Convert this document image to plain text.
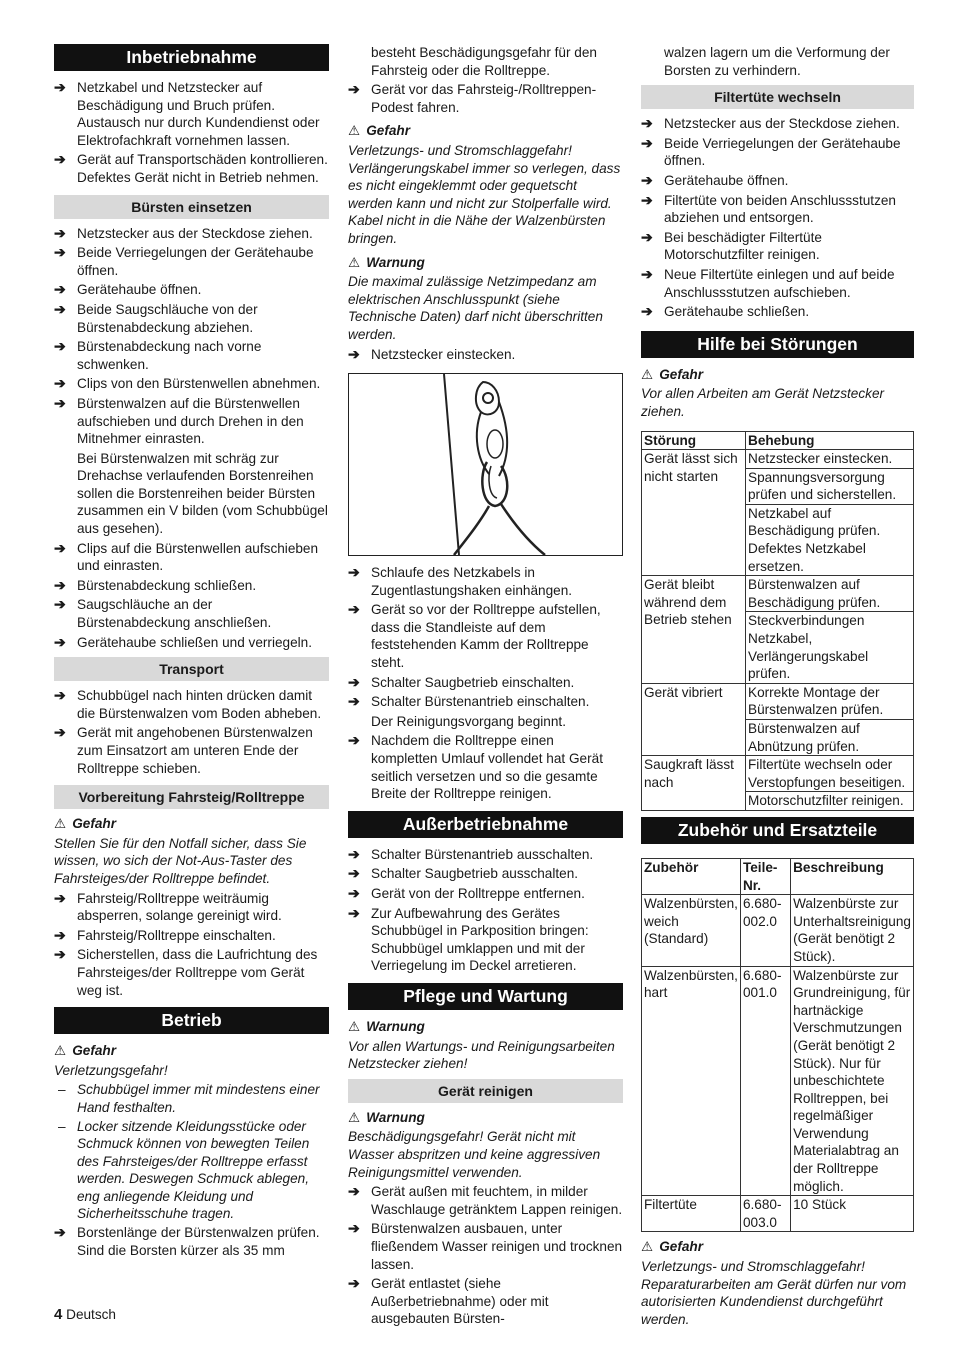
Inbetriebnahme
➔ Netzkabel und Netzstecker auf Beschädigung und Bruch prüfen. Austausch nur durch Kundendienst oder Elektrofachkraft vornehmen lassen.
➔ Gerät auf Transportschäden kontrollieren. Defektes Gerät nicht in Betrieb nehmen.
Bürsten einsetzen
➔ Netzstecker aus der Steckdose ziehen.
➔ Beide Verriegelungen der Gerätehaube öffnen.
➔ Gerätehaube öffnen.
➔ Beide Saugschläuche von der Bürstenabdeckung abziehen.
➔ Bürstenabdeckung nach vorne schwenken.
➔ Clips von den Bürstenwellen abnehmen.
➔ Bürstenwalzen auf die Bürstenwellen aufschieben und durch Drehen in den Mitnehmer einrasten.
Bei Bürstenwalzen mit schräg zur Drehachse verlaufenden Borstenreihen sollen die Borstenreihen beider Bürsten zusammen ein V bilden (vom Schubbügel aus gesehen).
➔ Clips auf die Bürstenwellen aufschieben und einrasten.
➔ Bürstenabdeckung schließen.
➔ Saugschläuche an der Bürstenabdeckung anschließen.
➔ Gerätehaube schließen und verriegeln.
Transport
➔ Schubbügel nach hinten drücken damit die Bürstenwalzen vom Boden abheben.
➔ Gerät mit angehobenen Bürstenwalzen zum Einsatzort am unteren Ende der Rolltreppe schieben.
Vorbereitung Fahrsteig/Rolltreppe
⚠ Gefahr
Stellen Sie für den Notfall sicher, dass Sie wissen, wo sich der Not-Aus-Taster des Fahrsteiges/der Rolltreppe befindet.
➔ Fahrsteig/Rolltreppe weiträumig absperren, solange gereinigt wird.
➔ Fahrsteig/Rolltreppe einschalten.
➔ Sicherstellen, dass die Laufrichtung des Fahrsteiges/der Rolltreppe vom Gerät weg ist.
Betrieb
⚠ Gefahr
Verletzungsgefahr!
– Schubbügel immer mit mindestens einer Hand festhalten.
– Locker sitzende Kleidungsstücke oder Schmuck können von bewegten Teilen des Fahrsteiges/der Rolltreppe erfasst werden. Deswegen Schmuck ablegen, eng anliegende Kleidung und Sicherheitsschuhe tragen.
➔ Borstenlänge der Bürstenwalzen prüfen. Sind die Borsten kürzer als 35 mm
besteht Beschädigungsgefahr für den Fahrsteig oder die Rolltreppe.
➔ Gerät vor das Fahrsteig-/Rolltreppen-Podest fahren.
⚠ Gefahr
Verletzungs- und Stromschlaggefahr! Verlängerungskabel immer so verlegen, dass es nicht eingeklemmt oder gequetscht werden kann und nicht zur Stolperfalle wird. Kabel nicht in die Nähe der Walzenbürsten bringen.
⚠ Warnung
Die maximal zulässige Netzimpedanz am elektrischen Anschlusspunkt (siehe Technische Daten) darf nicht überschritten werden.
➔ Netzstecker einstecken.
➔ Schlaufe des Netzkabels in Zugentlastungshaken einhängen.
➔ Gerät so vor der Rolltreppe aufstellen, dass die Standleiste auf dem feststehenden Kamm der Rolltreppe steht.
➔ Schalter Saugbetrieb einschalten.
➔ Schalter Bürstenantrieb einschalten.
Der Reinigungsvorgang beginnt.
➔ Nachdem die Rolltreppe einen kompletten Umlauf vollendet hat Gerät seitlich versetzen und so die gesamte Breite der Rolltreppe reinigen.
Außerbetriebnahme
➔ Schalter Bürstenantrieb ausschalten.
➔ Schalter Saugbetrieb ausschalten.
➔ Gerät von der Rolltreppe entfernen.
➔ Zur Aufbewahrung des Gerätes Schubbügel in Parkposition bringen: Schubbügel umklappen und mit der Verriegelung im Deckel arretieren.
Pflege und Wartung
⚠ Warnung
Vor allen Wartungs- und Reinigungsarbeiten Netzstecker ziehen!
Gerät reinigen
⚠ Warnung
Beschädigungsgefahr! Gerät nicht mit Wasser abspritzen und keine aggressiven Reinigungsmittel verwenden.
➔ Gerät außen mit feuchtem, in milder Waschlauge getränktem Lappen reinigen.
➔ Bürstenwalzen ausbauen, unter fließendem Wasser reinigen und trocknen lassen.
➔ Gerät entlastet (siehe Außerbetriebnahme) oder mit ausgebauten Bürsten-
walzen lagern um die Verformung der Borsten zu verhindern.
Filtertüte wechseln
➔ Netzstecker aus der Steckdose ziehen.
➔ Beide Verriegelungen der Gerätehaube öffnen.
➔ Gerätehaube öffnen.
➔ Filtertüte von beiden Anschlussstutzen abziehen und entsorgen.
➔ Bei beschädigter Filtertüte Motorschutzfilter reinigen.
➔ Neue Filtertüte einlegen und auf beide Anschlussstutzen aufschieben.
➔ Gerätehaube schließen.
Hilfe bei Störungen
⚠ Gefahr
Vor allen Arbeiten am Gerät Netzstecker ziehen.
Störung	Behebung
Gerät lässt sich nicht starten	Netzstecker einstecken.
	Spannungsversorgung prüfen und sicherstellen.
	Netzkabel auf Beschädigung prüfen. Defektes Netzkabel ersetzen.
Gerät bleibt während dem Betrieb stehen	Bürstenwalzen auf Beschädigung prüfen.
	Steckverbindungen Netzkabel, Verlängerungskabel prüfen.
Gerät vibriert	Korrekte Montage der Bürstenwalzen prüfen.
	Bürstenwalzen auf Abnützung prüfen.
Saugkraft lässt nach	Filtertüte wechseln oder Verstopfungen beseitigen.
	Motorschutzfilter reinigen.
Zubehör und Ersatzteile
Zubehör	Teile-Nr.	Beschreibung
Walzenbürsten, weich (Standard)	6.680-002.0	Walzenbürste zur Unterhaltsreinigung (Gerät benötigt 2 Stück).
Walzenbürsten, hart	6.680-001.0	Walzenbürste zur Grundreinigung, für hartnäckige Verschmutzungen (Gerät benötigt 2 Stück). Nur für unbeschichtete Rolltreppen, bei regelmäßiger Verwendung Materialabtrag an der Rolltreppe möglich.
Filtertüte	6.680-003.0	10 Stück
⚠ Gefahr
Verletzungs- und Stromschlaggefahr! Reparaturarbeiten am Gerät dürfen nur vom autorisierten Kundendienst durchgeführt werden.
4 Deutsch
